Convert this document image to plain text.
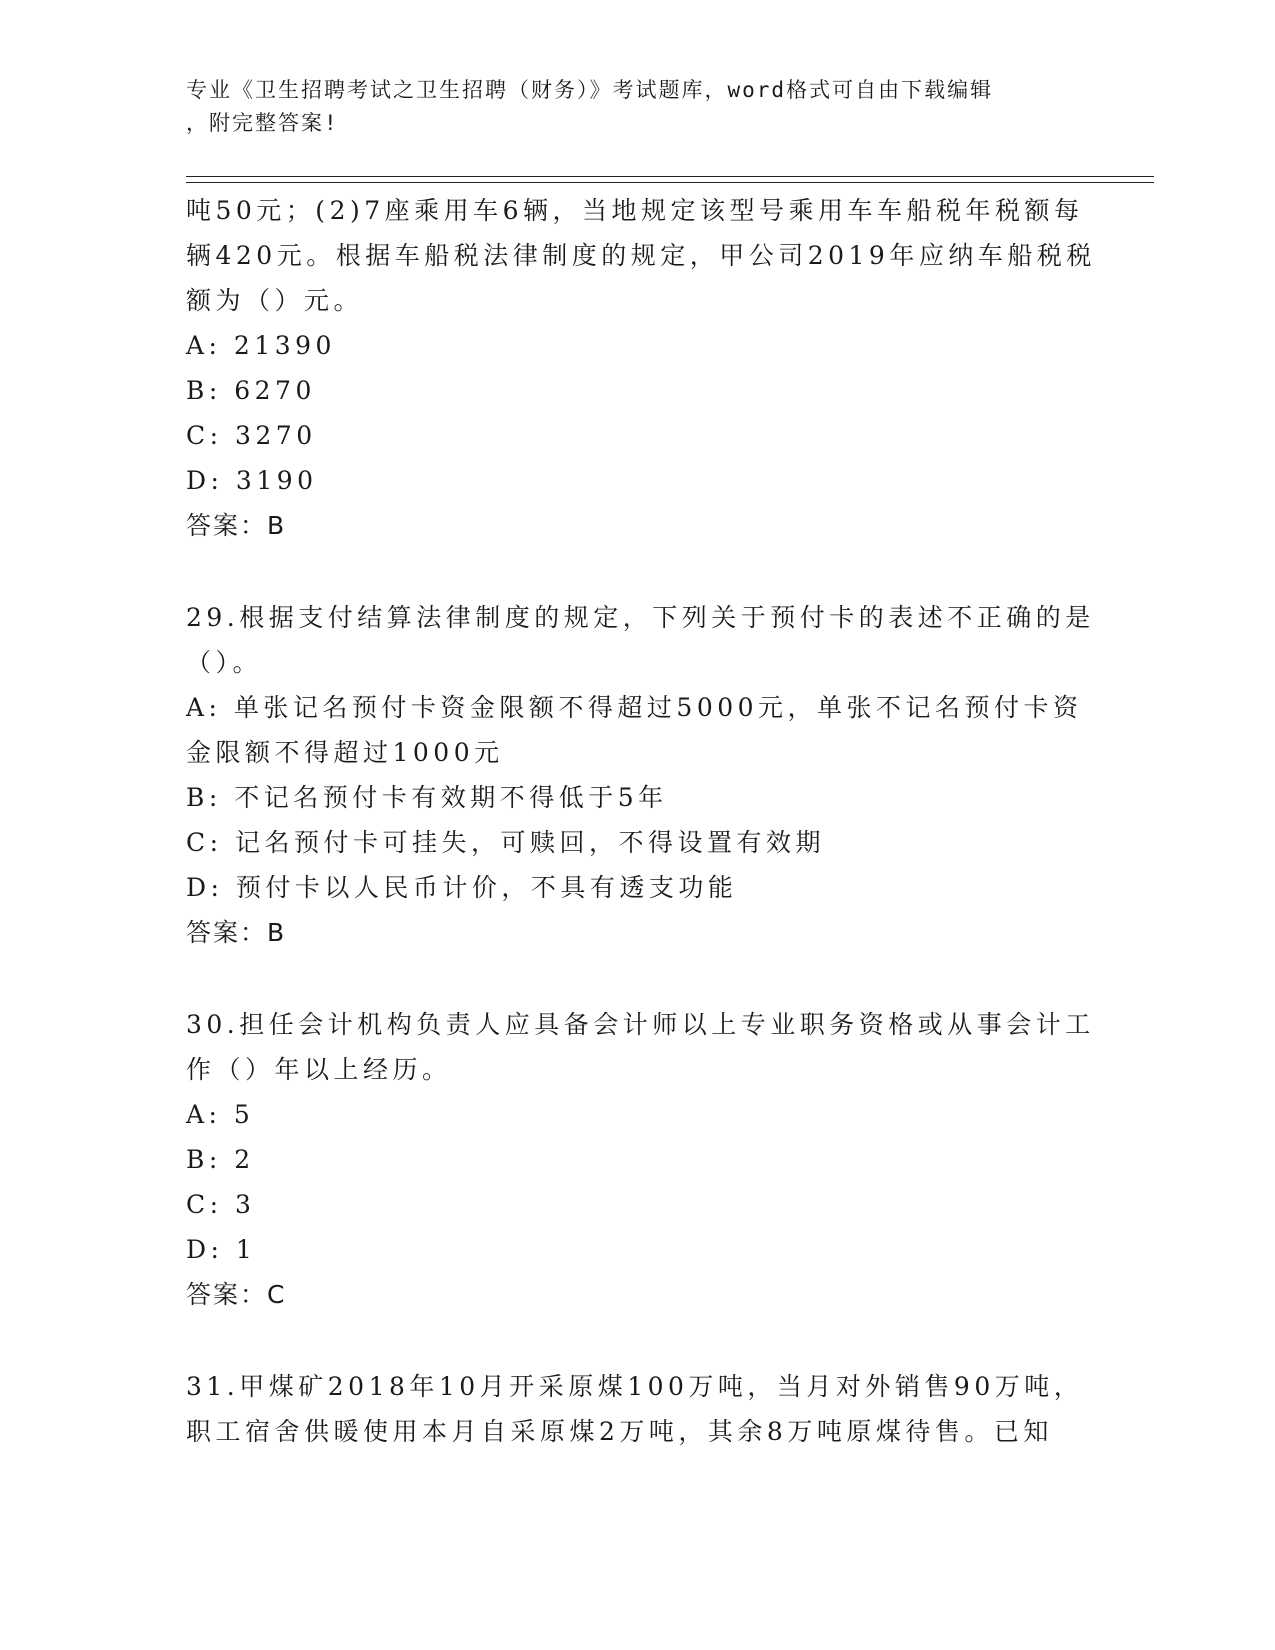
专业《卫生招聘考试之卫生招聘（财务）》考试题库，word格式可自由下载编辑
，附完整答案!
吨50元；(2)7座乘用车6辆，当地规定该型号乘用车车船税年税额每
辆420元。根据车船税法律制度的规定，甲公司2019年应纳车船税税
额为（）元。
A: 21390
B: 6270
C: 3270
D: 3190
答案：B
29.根据支付结算法律制度的规定，下列关于预付卡的表述不正确的是
（）。
A: 单张记名预付卡资金限额不得超过5000元，单张不记名预付卡资
金限额不得超过1000元
B: 不记名预付卡有效期不得低于5年
C: 记名预付卡可挂失，可赎回，不得设置有效期
D: 预付卡以人民币计价，不具有透支功能
答案：B
30.担任会计机构负责人应具备会计师以上专业职务资格或从事会计工
作（）年以上经历。
A: 5
B: 2
C: 3
D: 1
答案：C
31.甲煤矿2018年10月开采原煤100万吨，当月对外销售90万吨，
职工宿舍供暖使用本月自采原煤2万吨，其余8万吨原煤待售。已知
